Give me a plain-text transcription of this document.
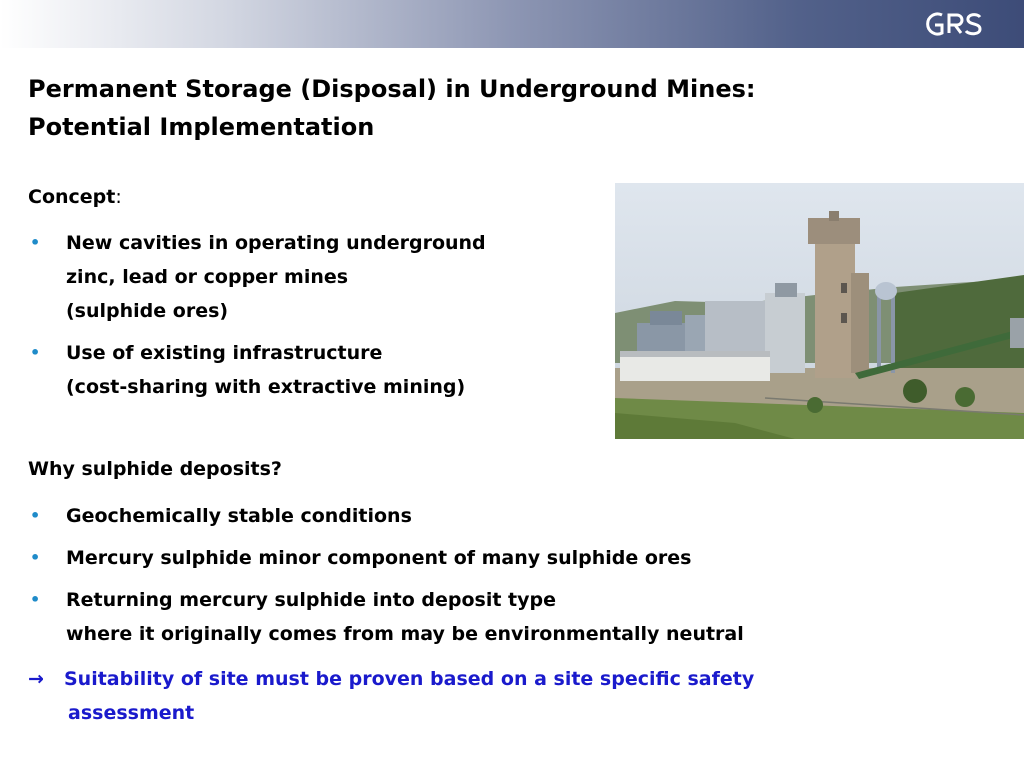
Permanent Storage (Disposal) in Underground Mines:
Potential Implementation
Concept:
• New cavities in operating underground
zinc, lead or copper mines
(sulphide ores)
• Use of existing infrastructure
(cost-sharing with extractive mining)
Why sulphide deposits?
• Geochemically stable conditions
• Mercury sulphide minor component of many sulphide ores
• Returning mercury sulphide into deposit type
where it originally comes from may be environmentally neutral
→ Suitability of site must be proven based on a site specific safety
assessment
